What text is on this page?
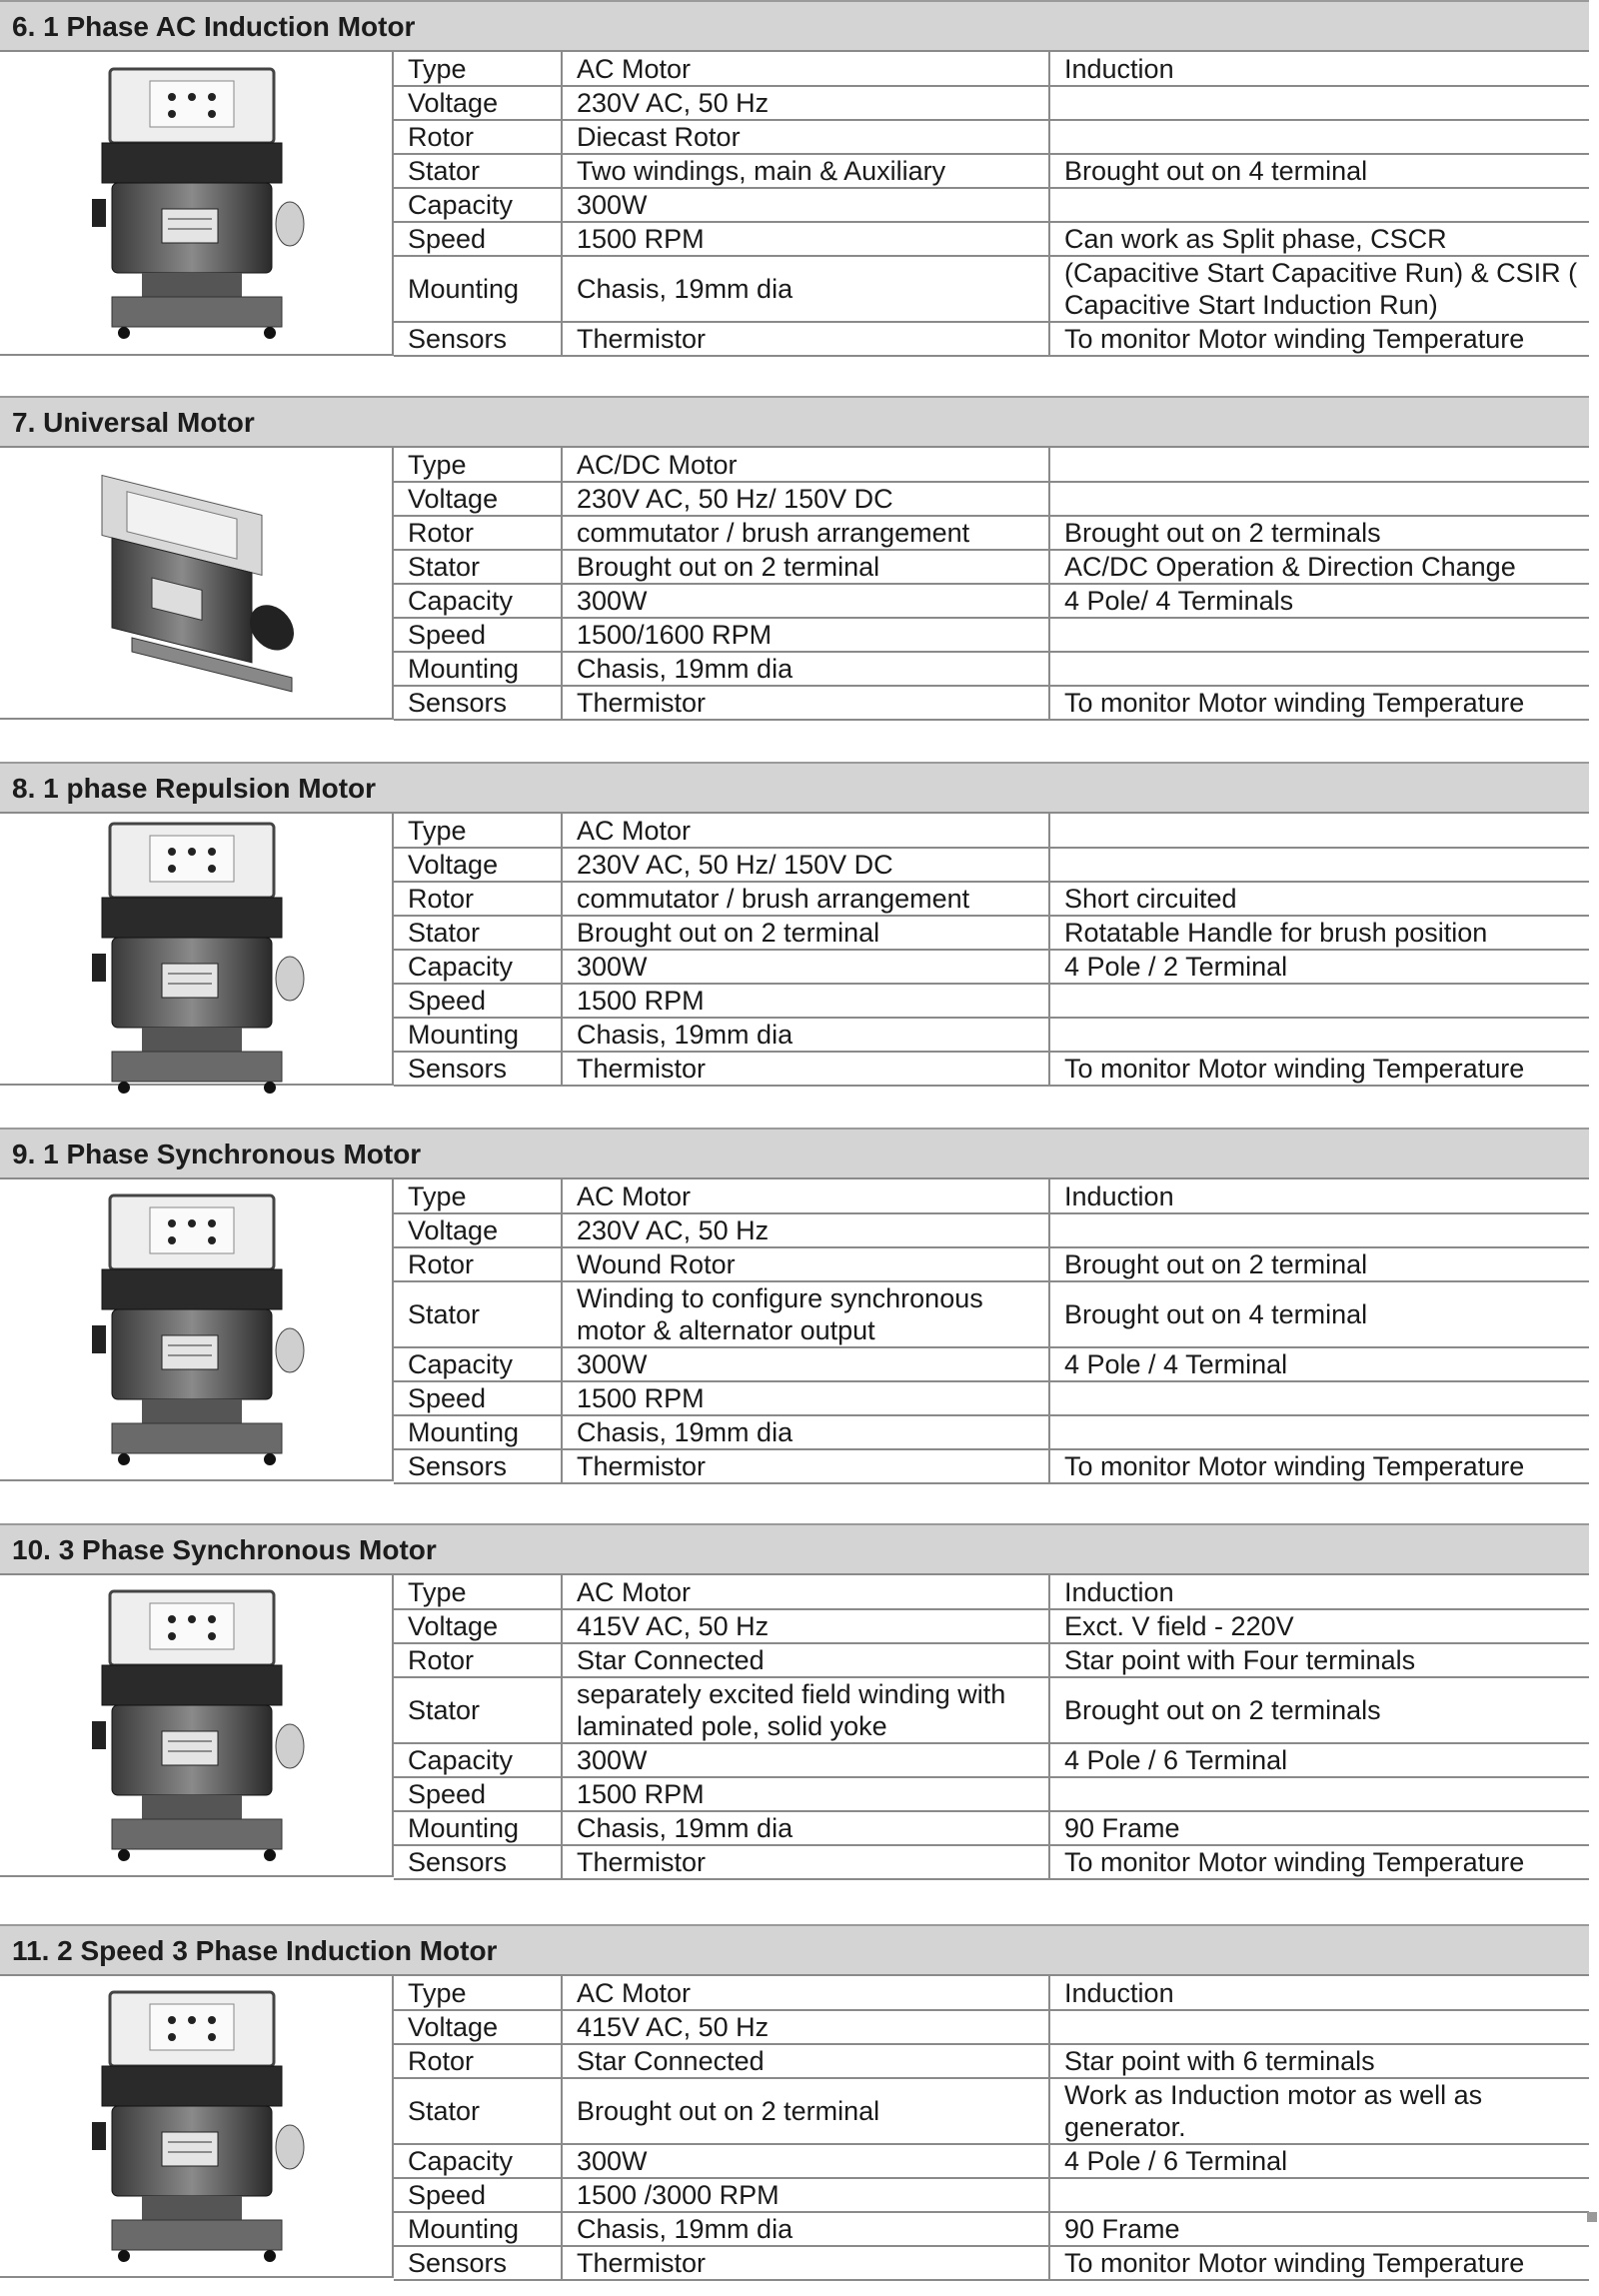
6. 1 Phase AC Induction Motor
Type	AC Motor	Induction
Voltage	230V AC, 50 Hz	
Rotor	Diecast Rotor	
Stator	Two windings, main & Auxiliary	Brought out on 4 terminal
Capacity	300W	
Speed	1500 RPM	Can work as Split phase, CSCR
Mounting	Chasis, 19mm dia	(Capacitive Start Capacitive Run) & CSIR ( Capacitive Start Induction Run)
Sensors	Thermistor	To monitor Motor winding Temperature
7. Universal Motor
Type	AC/DC Motor	
Voltage	230V AC, 50 Hz/ 150V DC	
Rotor	commutator / brush arrangement	Brought out on 2 terminals
Stator	Brought out on 2 terminal	AC/DC Operation & Direction Change
Capacity	300W	4 Pole/ 4 Terminals
Speed	1500/1600 RPM	
Mounting	Chasis, 19mm dia	
Sensors	Thermistor	To monitor Motor winding Temperature
8. 1 phase Repulsion Motor
Type	AC Motor	
Voltage	230V AC, 50 Hz/ 150V DC	
Rotor	commutator / brush arrangement	Short circuited
Stator	Brought out on 2 terminal	Rotatable Handle for brush position
Capacity	300W	4 Pole / 2 Terminal
Speed	1500 RPM	
Mounting	Chasis, 19mm dia	
Sensors	Thermistor	To monitor Motor winding Temperature
9. 1 Phase Synchronous Motor
Type	AC Motor	Induction
Voltage	230V AC, 50 Hz	
Rotor	Wound Rotor	Brought out on 2 terminal
Stator	Winding to configure synchronous motor & alternator output	Brought out on 4 terminal
Capacity	300W	4 Pole / 4 Terminal
Speed	1500 RPM	
Mounting	Chasis, 19mm dia	
Sensors	Thermistor	To monitor Motor winding Temperature
10. 3 Phase Synchronous Motor
Type	AC Motor	Induction
Voltage	415V AC, 50 Hz	Exct. V field - 220V
Rotor	Star Connected	Star point with Four terminals
Stator	separately excited field winding with laminated pole, solid yoke	Brought out on 2 terminals
Capacity	300W	4 Pole / 6 Terminal
Speed	1500 RPM	
Mounting	Chasis, 19mm dia	90 Frame
Sensors	Thermistor	To monitor Motor winding Temperature
11. 2 Speed 3 Phase Induction Motor
Type	AC Motor	Induction
Voltage	415V AC, 50 Hz	
Rotor	Star Connected	Star point with 6 terminals
Stator	Brought out on 2 terminal	Work as Induction motor as well as generator.
Capacity	300W	4 Pole / 6 Terminal
Speed	1500 /3000 RPM	
Mounting	Chasis, 19mm dia	90 Frame
Sensors	Thermistor	To monitor Motor winding Temperature
